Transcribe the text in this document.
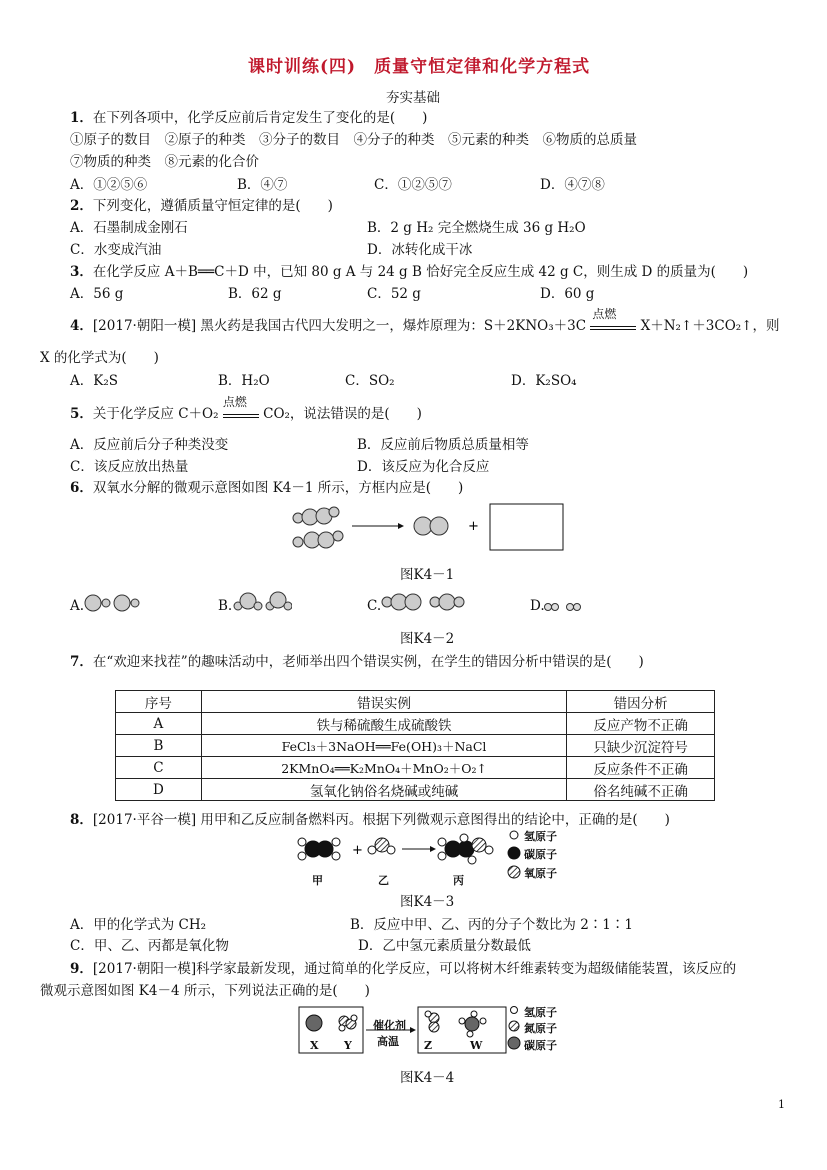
课时训练(四)　质量守恒定律和化学方程式
夯实基础
1．在下列各项中，化学反应前后肯定发生了变化的是(　　)
①原子的数目　②原子的种类　③分子的数目　④分子的种类　⑤元素的种类　⑥物质的总质量
⑦物质的种类　⑧元素的化合价
A．①②⑤⑥	B．④⑦	C．①②⑤⑦	D．④⑦⑧
2．下列变化，遵循质量守恒定律的是(　　)
A．石墨制成金刚石	B．2 g H₂ 完全燃烧生成 36 g H₂O
C．水变成汽油	D．冰转化成干冰
3．在化学反应 A＋B══C＋D 中，已知 80 g A 与 24 g B 恰好完全反应生成 42 g C，则生成 D 的质量为(　　)
A．56 g	B．62 g	C．52 g	D．60 g
4．[2017·朝阳一模] 黑火药是我国古代四大发明之一，爆炸原理为：S＋2KNO₃＋3C
点燃
X＋N₂↑＋3CO₂↑，则
X 的化学式为(　　)
A．K₂S	B．H₂O	C．SO₂	D．K₂SO₄
5．关于化学反应 C＋O₂
点燃
CO₂，说法错误的是(　　)
A．反应前后分子种类没变	B．反应前后物质总质量相等
C．该反应放出热量	D．该反应为化合反应
6．双氧水分解的微观示意图如图 K4－1 所示，方框内应是(　　)
+
图K4－1
A.	B.	C.	D.
图K4－2
7．在“欢迎来找茬”的趣味活动中，老师举出四个错误实例，在学生的错因分析中错误的是(　　)
序号	错误实例	错因分析
A	铁与稀硫酸生成硫酸铁	反应产物不正确
B	FeCl₃＋3NaOH══Fe(OH)₃＋NaCl	只缺少沉淀符号
C	2KMnO₄══K₂MnO₄＋MnO₂＋O₂↑	反应条件不正确
D	氢氧化钠俗名烧碱或纯碱	俗名纯碱不正确
8．[2017·平谷一模] 用甲和乙反应制备燃料丙。根据下列微观示意图得出的结论中，正确的是(　　)
+
氢原子
碳原子
氧原子
甲	乙	丙
图K4－3
A．甲的化学式为 CH₂	B．反应中甲、乙、丙的分子个数比为 2∶1∶1
C．甲、乙、丙都是氧化物	D．乙中氢元素质量分数最低
9．[2017·朝阳一模]科学家最新发现，通过简单的化学反应，可以将树木纤维素转变为超级储能装置，该反应的
微观示意图如图 K4－4 所示，下列说法正确的是(　　)
催化剂
高温
X Y	Z	W
氢原子
氮原子
碳原子
图K4－4
1
